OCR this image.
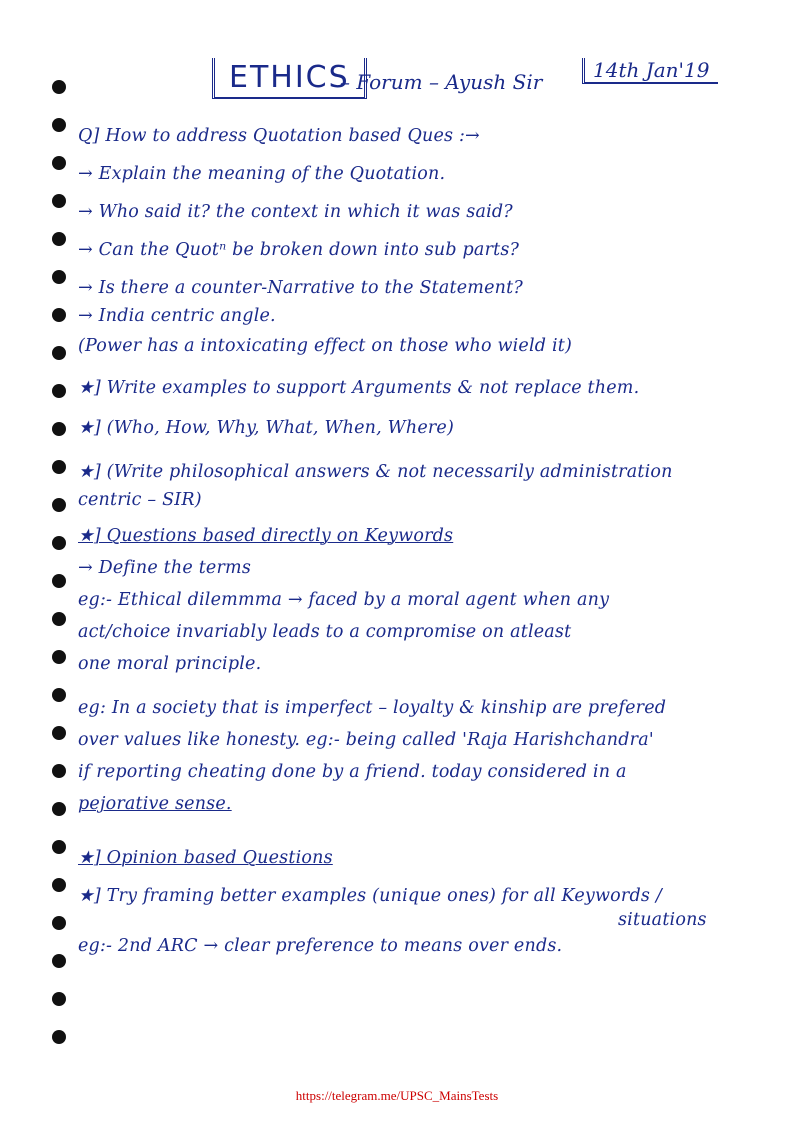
ETHICS
– Forum – Ayush Sir	14th Jan'19
Q] How to address Quotation based Ques :→
→ Explain the meaning of the Quotation.
→ Who said it? the context in which it was said?
→ Can the Quotⁿ be broken down into sub parts?
→ Is there a counter-Narrative to the Statement?
→ India centric angle.
(Power has a intoxicating effect on those who wield it)
★] Write examples to support Arguments & not replace them.
★] (Who, How, Why, What, When, Where)
★] (Write philosophical answers & not necessarily administration
centric – SIR)
★] Questions based directly on Keywords
→ Define the terms
eg:- Ethical dilemmma → faced by a moral agent when any
act/choice invariably leads to a compromise on atleast
one moral principle.
eg: In a society that is imperfect – loyalty & kinship are prefered
over values like honesty. eg:- being called 'Raja Harishchandra'
if reporting cheating done by a friend. today considered in a
pejorative sense.
★] Opinion based Questions
★] Try framing better examples (unique ones) for all Keywords /
situations
eg:- 2nd ARC → clear preference to means over ends.
https://telegram.me/UPSC_MainsTests
